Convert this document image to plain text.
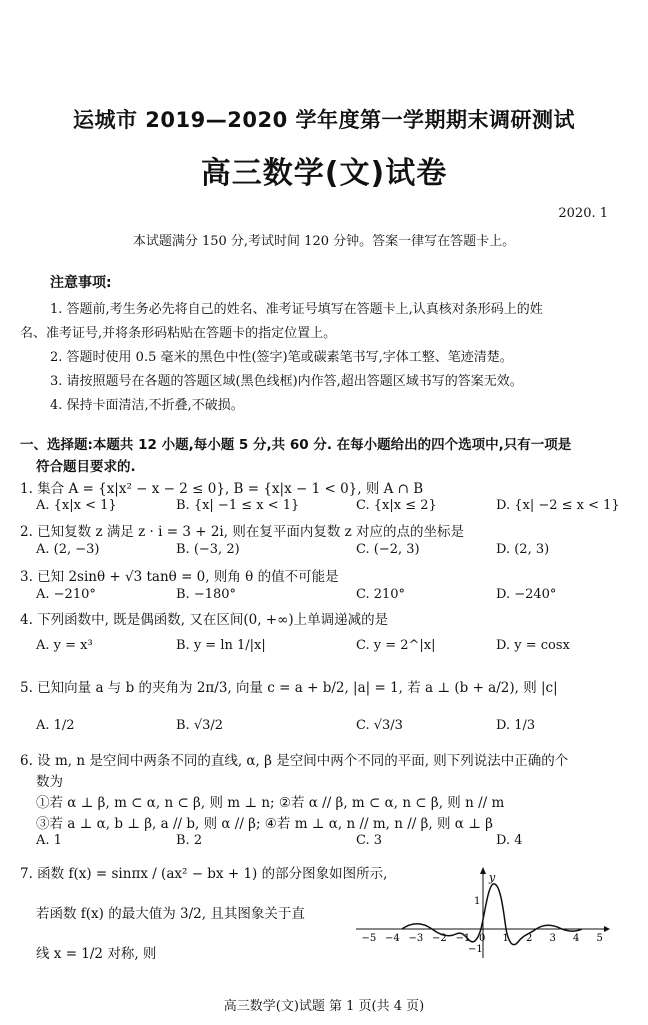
运城市 2019—2020 学年度第一学期期末调研测试
高三数学(文)试卷
2020. 1
本试题满分 150 分,考试时间 120 分钟。答案一律写在答题卡上。
注意事项:
1. 答题前,考生务必先将自己的姓名、准考证号填写在答题卡上,认真核对条形码上的姓
名、准考证号,并将条形码粘贴在答题卡的指定位置上。
2. 答题时使用 0.5 毫米的黑色中性(签字)笔或碳素笔书写,字体工整、笔迹清楚。
3. 请按照题号在各题的答题区域(黑色线框)内作答,超出答题区域书写的答案无效。
4. 保持卡面清洁,不折叠,不破损。
一、选择题:本题共 12 小题,每小题 5 分,共 60 分. 在每小题给出的四个选项中,只有一项是
符合题目要求的.
1. 集合 A = {x|x² − x − 2 ≤ 0}, B = {x|x − 1 < 0}, 则 A ∩ B
A. {x|x < 1}	B. {x| −1 ≤ x < 1}	C. {x|x ≤ 2}	D. {x| −2 ≤ x < 1}
2. 已知复数 z 满足 z · i = 3 + 2i, 则在复平面内复数 z 对应的点的坐标是
A. (2, −3)	B. (−3, 2)	C. (−2, 3)	D. (2, 3)
3. 已知 2sinθ + √3 tanθ = 0, 则角 θ 的值不可能是
A. −210°	B. −180°	C. 210°	D. −240°
4. 下列函数中, 既是偶函数, 又在区间(0, +∞)上单调递减的是
A. y = x³	B. y = ln 1/|x|	C. y = 2^|x|	D. y = cosx
5. 已知向量 a 与 b 的夹角为 2π/3, 向量 c = a + b/2, |a| = 1, 若 a ⊥ (b + a/2), 则 |c|
A. 1/2	B. √3/2	C. √3/3	D. 1/3
6. 设 m, n 是空间中两条不同的直线, α, β 是空间中两个不同的平面, 则下列说法中正确的个
数为
①若 α ⊥ β, m ⊂ α, n ⊂ β, 则 m ⊥ n; ②若 α // β, m ⊂ α, n ⊂ β, 则 n // m
③若 a ⊥ α, b ⊥ β, a // b, 则 α // β; ④若 m ⊥ α, n // m, n // β, 则 α ⊥ β
A. 1	B. 2	C. 3	D. 4
7. 函数 f(x) = sinπx / (ax² − bx + 1) 的部分图象如图所示,
若函数 f(x) 的最大值为 3/2, 且其图象关于直
线 x = 1/2 对称, 则
y
−5 −4 −3 −2 −1 0 1 2 3 4 5
1
−1
高三数学(文)试题 第 1 页(共 4 页)
